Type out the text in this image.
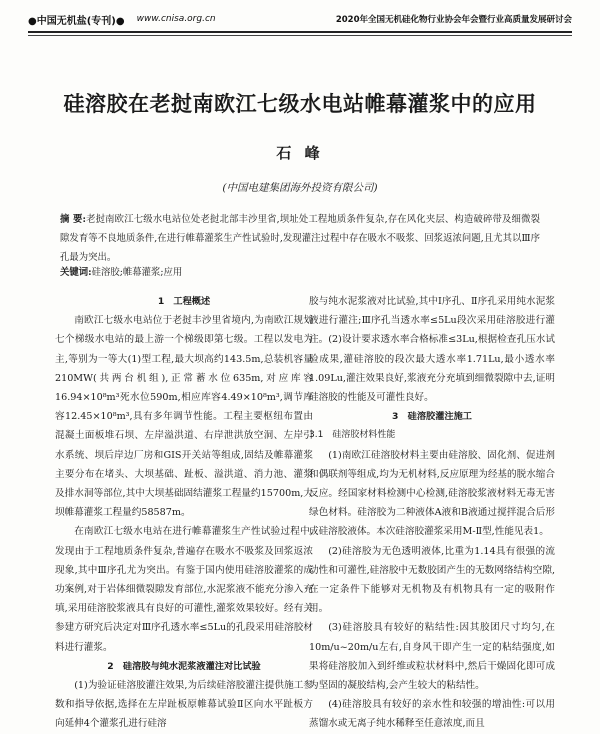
●中国无机盐(专刊)● www.cnisa.org.cn	2020年全国无机硅化物行业协会年会暨行业高质量发展研讨会
硅溶胶在老挝南欧江七级水电站帷幕灌浆中的应用
石 峰
(中国电建集团海外投资有限公司)
摘 要:老挝南欧江七级水电站位处老挝北部丰沙里省,坝址处工程地质条件复杂,存在风化夹层、构造破碎带及细微裂隙发育等不良地质条件,在进行帷幕灌浆生产性试验时,发现灌注过程中存在吸水不吸浆、回浆返浓问题,且尤其以Ⅲ序孔最为突出。
关键词:硅溶胶;帷幕灌浆;应用

1　工程概述

南欧江七级水电站位于老挝丰沙里省境内,为南欧江规划七个梯级水电站的最上游一个梯级即第七级。工程以发电为主,等别为一等大(1)型工程,最大坝高约143.5m,总装机容量210MW(共两台机组),正常蓄水位635m,对应库容16.94×10⁸m³死水位590m,相应库容4.49×10⁸m³,调节库容12.45×10⁸m³,具有多年调节性能。工程主要枢纽布置由混凝土面板堆石坝、左岸溢洪道、右岸泄洪放空洞、左岸引水系统、坝后岸边厂房和GIS开关站等组成,固结及帷幕灌浆主要分布在堵头、大坝基础、趾板、溢洪道、消力池、灌浆及排水洞等部位,其中大坝基础固结灌浆工程量约15700m,大坝帷幕灌浆工程量约58587m。

在南欧江七级水电站在进行帷幕灌浆生产性试验过程中,发现由于工程地质条件复杂,普遍存在吸水不吸浆及回浆返浓现象,其中Ⅲ序孔尤为突出。有鉴于国内使用硅溶胶灌浆的成功案例,对于岩体细微裂隙发育部位,水泥浆液不能充分渗入充填,采用硅溶胶浆液具有良好的可灌性,灌浆效果较好。经有关参建方研究后决定对Ⅲ序孔透水率≤5Lu的孔段采用硅溶胶材料进行灌浆。

2　硅溶胶与纯水泥浆液灌注对比试验

(1)为验证硅溶胶灌注效果,为后续硅溶胶灌注提供施工参数和指导依据,选择在左岸趾板原帷幕试验Ⅱ区向水平趾板方向延伸4个灌浆孔进行硅溶

胶与纯水泥浆液对比试验,其中I序孔、Ⅱ序孔采用纯水泥浆液进行灌注;Ⅲ序孔当透水率≤5Lu段次采用硅溶胶进行灌注。(2)设计要求透水率合格标准≤3Lu,根据检查孔压水试验成果,灌硅溶胶的段次最大透水率1.71Lu,最小透水率1.09Lu,灌注效果良好,浆液充分充填到细微裂隙中去,证明硅溶胶的性能及可灌性良好。

3　硅溶胶灌注施工

3.1　硅溶胶材料性能

(1)南欧江硅溶胶材料主要由硅溶胶、固化剂、促进剂和偶联剂等组成,均为无机材料,反应原理为经基的脱水缩合反应。经国家材料检测中心检测,硅溶胶浆液材料无毒无害绿色材料。硅溶胶为二种液体A液和B液通过搅拌混合后形成硅溶胶液体。本次硅溶胶灌浆采用M-Ⅱ型,性能见表1。

(2)硅溶胶为无色透明液体,比重为1.14具有很强的流动性和可灌性,硅溶胶中无数胶团产生的无数网络结构空隙,在一定条件下能够对无机物及有机物具有一定的吸附作用。

(3)硅溶胶具有较好的粘结性:因其胶团尺寸均匀,在10m/u~20m/u左右,自身风干即产生一定的粘结强度,如果将硅溶胶加入到纤维或粒状材料中,然后干燥固化即可成为坚固的凝胶结构,会产生较大的粘结性。

(4)硅溶胶具有较好的亲水性和较强的增油性:可以用蒸馏水或无离子纯水稀释至任意浓度,而且
